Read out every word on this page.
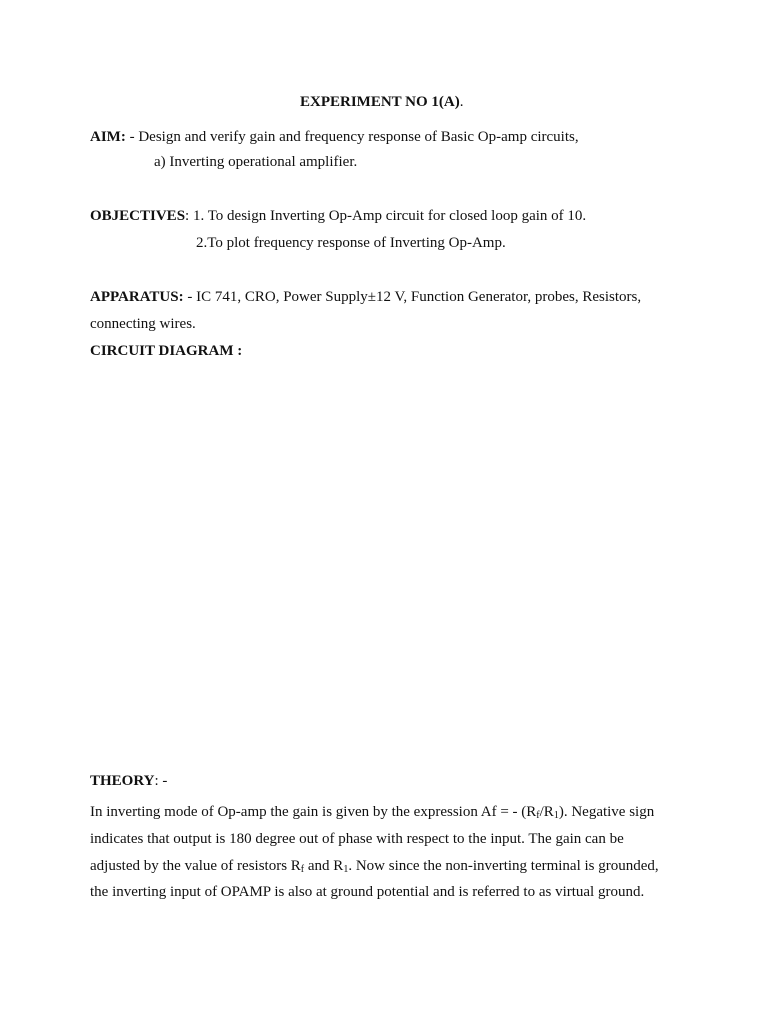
EXPERIMENT NO 1(A).
AIM: - Design and verify gain and frequency response of Basic Op-amp circuits,
a) Inverting operational amplifier.
OBJECTIVES: 1. To design Inverting Op-Amp circuit for closed loop gain of 10.
2.To plot frequency response of Inverting Op-Amp.
APPARATUS: - IC 741, CRO, Power Supply±12 V, Function Generator, probes, Resistors,
connecting wires.
CIRCUIT DIAGRAM :
THEORY: -
In inverting mode of Op-amp the gain is given by the expression Af = - $(R_f/R_1)$. Negative sign
indicates that output is 180 degree out of phase with respect to the input. The gain can be
adjusted by the value of resistors $R_f$ and $R_1$. Now since the non-inverting terminal is grounded,
the inverting input of OPAMP is also at ground potential and is referred to as virtual ground.
